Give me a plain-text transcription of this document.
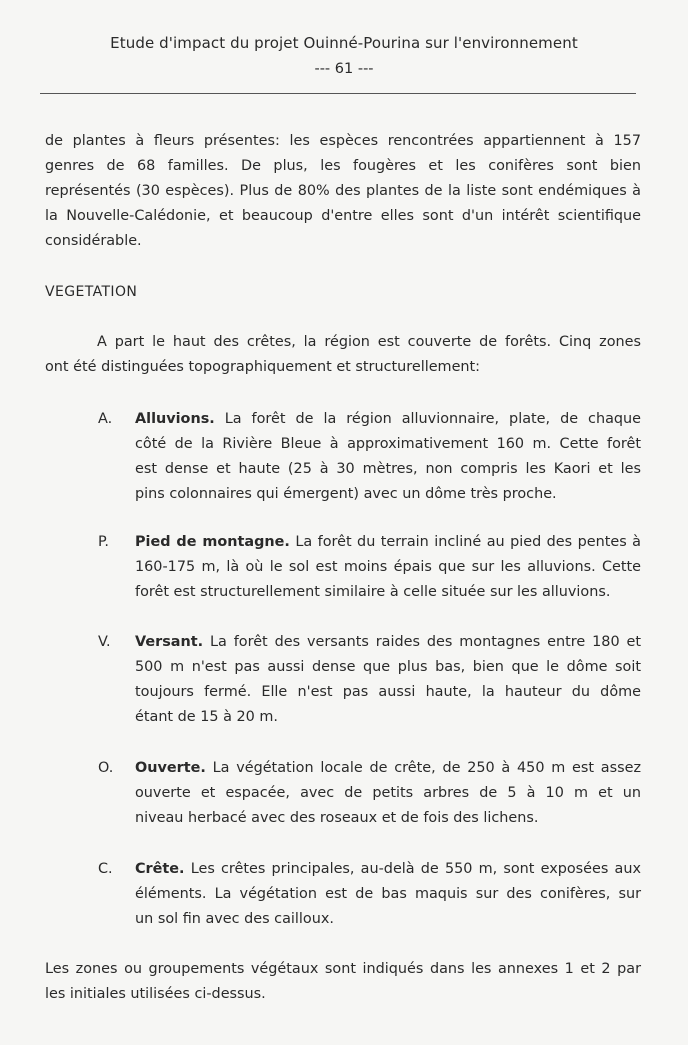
Etude d'impact du projet Ouinné-Pourina sur l'environnement
--- 61 ---
de plantes à fleurs présentes: les espèces rencontrées appartiennent à 157
genres de 68 familles. De plus, les fougères et les conifères sont bien
représentés (30 espèces). Plus de 80% des plantes de la liste sont endémiques à
la Nouvelle-Calédonie, et beaucoup d'entre elles sont d'un intérêt scientifique
considérable.
VEGETATION
A part le haut des crêtes, la région est couverte de forêts. Cinq zones
ont été distinguées topographiquement et structurellement:
A. Alluvions. La forêt de la région alluvionnaire, plate, de chaque
côté de la Rivière Bleue à approximativement 160 m. Cette forêt
est dense et haute (25 à 30 mètres, non compris les Kaori et les
pins colonnaires qui émergent) avec un dôme très proche.
P. Pied de montagne. La forêt du terrain incliné au pied des pentes à
160-175 m, là où le sol est moins épais que sur les alluvions. Cette
forêt est structurellement similaire à celle située sur les alluvions.
V. Versant. La forêt des versants raides des montagnes entre 180 et
500 m n'est pas aussi dense que plus bas, bien que le dôme soit
toujours fermé. Elle n'est pas aussi haute, la hauteur du dôme
étant de 15 à 20 m.
O. Ouverte. La végétation locale de crête, de 250 à 450 m est assez
ouverte et espacée, avec de petits arbres de 5 à 10 m et un
niveau herbacé avec des roseaux et de fois des lichens.
C. Crête. Les crêtes principales, au-delà de 550 m, sont exposées aux
éléments. La végétation est de bas maquis sur des conifères, sur
un sol fin avec des cailloux.
Les zones ou groupements végétaux sont indiqués dans les annexes 1 et 2 par
les initiales utilisées ci-dessus.
